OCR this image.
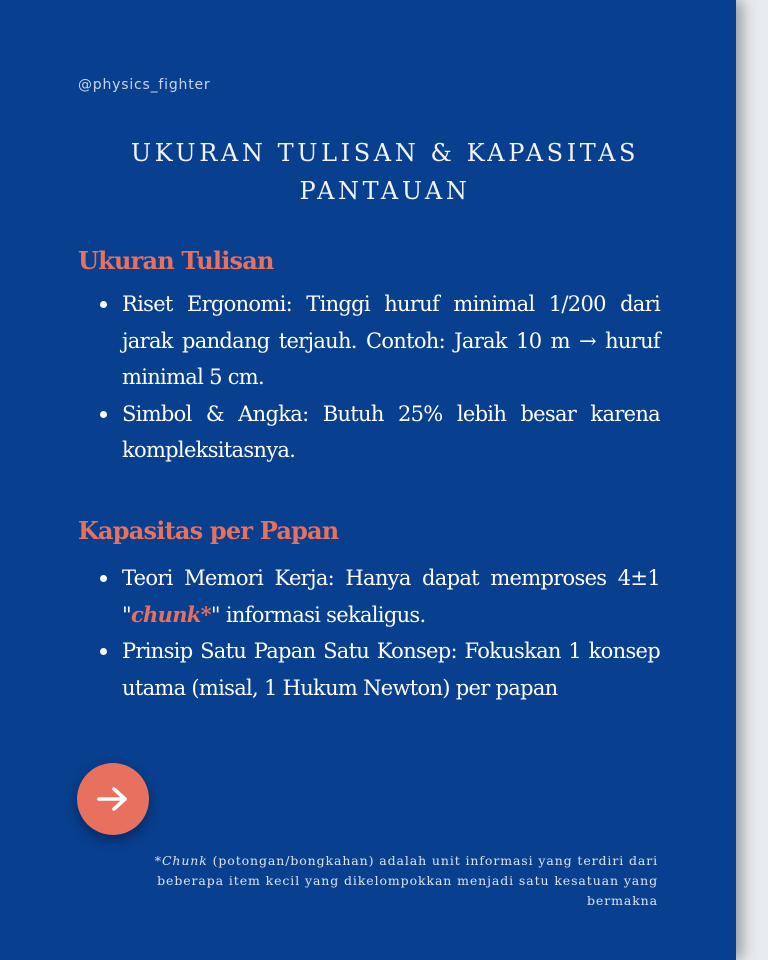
@physics_fighter
UKURAN TULISAN & KAPASITAS PANTAUAN
Ukuran Tulisan
Riset Ergonomi: Tinggi huruf minimal 1/200 dari jarak pandang terjauh. Contoh: Jarak 10 m → huruf minimal 5 cm.
Simbol & Angka: Butuh 25% lebih besar karena kompleksitasnya.
Kapasitas per Papan
Teori Memori Kerja: Hanya dapat memproses 4±1 "chunk*" informasi sekaligus.
Prinsip Satu Papan Satu Konsep: Fokuskan 1 konsep utama (misal, 1 Hukum Newton) per papan
*Chunk (potongan/bongkahan) adalah unit informasi yang terdiri dari beberapa item kecil yang dikelompokkan menjadi satu kesatuan yang bermakna
